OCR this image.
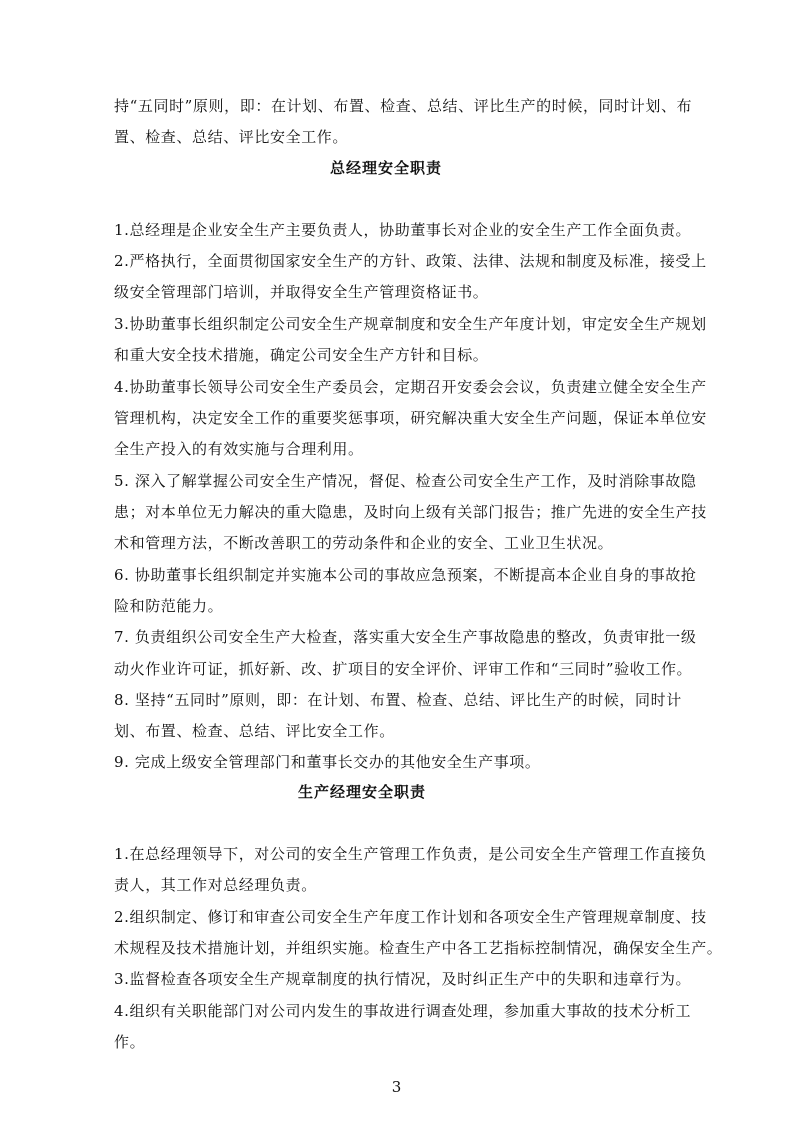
持“五同时”原则，即：在计划、布置、检查、总结、评比生产的时候，同时计划、布
置、检查、总结、评比安全工作。
总经理安全职责
1.总经理是企业安全生产主要负责人，协助董事长对企业的安全生产工作全面负责。
2.严格执行，全面贯彻国家安全生产的方针、政策、法律、法规和制度及标准，接受上
级安全管理部门培训，并取得安全生产管理资格证书。
3.协助董事长组织制定公司安全生产规章制度和安全生产年度计划，审定安全生产规划
和重大安全技术措施，确定公司安全生产方针和目标。
4.协助董事长领导公司安全生产委员会，定期召开安委会会议，负责建立健全安全生产
管理机构，决定安全工作的重要奖惩事项，研究解决重大安全生产问题，保证本单位安
全生产投入的有效实施与合理利用。
5. 深入了解掌握公司安全生产情况，督促、检查公司安全生产工作，及时消除事故隐
患；对本单位无力解决的重大隐患，及时向上级有关部门报告；推广先进的安全生产技
术和管理方法，不断改善职工的劳动条件和企业的安全、工业卫生状况。
6. 协助董事长组织制定并实施本公司的事故应急预案，不断提高本企业自身的事故抢
险和防范能力。
7. 负责组织公司安全生产大检查，落实重大安全生产事故隐患的整改，负责审批一级
动火作业许可证，抓好新、改、扩项目的安全评价、评审工作和“三同时”验收工作。
8. 坚持“五同时”原则，即：在计划、布置、检查、总结、评比生产的时候，同时计
划、布置、检查、总结、评比安全工作。
9. 完成上级安全管理部门和董事长交办的其他安全生产事项。
生产经理安全职责
1.在总经理领导下，对公司的安全生产管理工作负责，是公司安全生产管理工作直接负
责人，其工作对总经理负责。
2.组织制定、修订和审查公司安全生产年度工作计划和各项安全生产管理规章制度、技
术规程及技术措施计划，并组织实施。检查生产中各工艺指标控制情况，确保安全生产。
3.监督检查各项安全生产规章制度的执行情况，及时纠正生产中的失职和违章行为。
4.组织有关职能部门对公司内发生的事故进行调查处理，参加重大事故的技术分析工
作。
3
